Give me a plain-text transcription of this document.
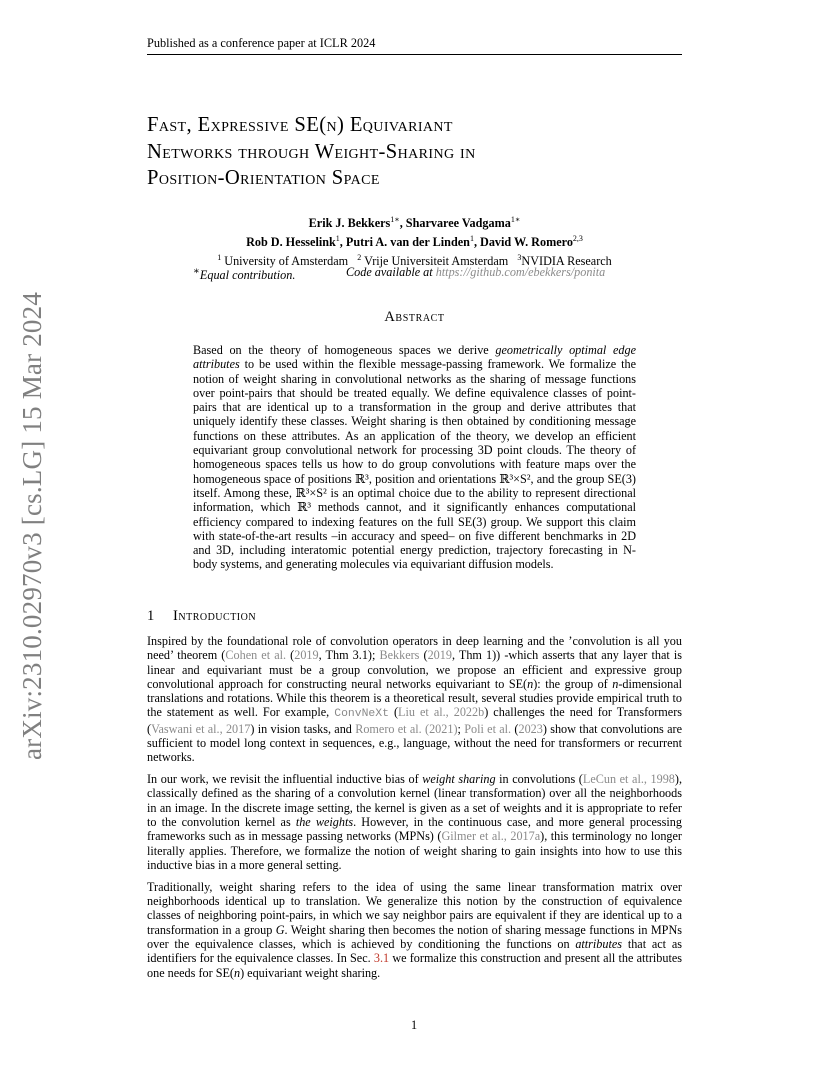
Published as a conference paper at ICLR 2024
arXiv:2310.02970v3 [cs.LG] 15 Mar 2024
Fast, Expressive SE(n) Equivariant
Networks through Weight-Sharing in
Position-Orientation Space
Erik J. Bekkers$^{1∗}$, Sharvaree Vadgama$^{1∗}$
Rob D. Hesselink$^1$, Putri A. van der Linden$^1$, David W. Romero$^{2,3}$
$^1$ University of Amsterdam $^2$ Vrije Universiteit Amsterdam $^3$NVIDIA Research
∗Equal contribution.	Code available at https://github.com/ebekkers/ponita
Abstract

Based on the theory of homogeneous spaces we derive geometrically optimal edge attributes to be used within the flexible message-passing framework. We formalize the notion of weight sharing in convolutional networks as the sharing of message functions over point-pairs that should be treated equally. We define equivalence classes of point-pairs that are identical up to a transformation in the group and derive attributes that uniquely identify these classes. Weight sharing is then obtained by conditioning message functions on these attributes. As an application of the theory, we develop an efficient equivariant group convolutional network for processing 3D point clouds. The theory of homogeneous spaces tells us how to do group convolutions with feature maps over the homogeneous space of positions ℝ³, position and orientations ℝ³×S², and the group SE(3) itself. Among these, ℝ³×S² is an optimal choice due to the ability to represent directional information, which ℝ³ methods cannot, and it significantly enhances computational efficiency compared to indexing features on the full SE(3) group. We support this claim with state-of-the-art results –in accuracy and speed– on five different benchmarks in 2D and 3D, including interatomic potential energy prediction, trajectory forecasting in N-body systems, and generating molecules via equivariant diffusion models.

1 Introduction

Inspired by the foundational role of convolution operators in deep learning and the ’convolution is all you need’ theorem (Cohen et al. (2019, Thm 3.1); Bekkers (2019, Thm 1)) -which asserts that any layer that is linear and equivariant must be a group convolution, we propose an efficient and expressive group convolutional approach for constructing neural networks equivariant to SE(n): the group of n-dimensional translations and rotations. While this theorem is a theoretical result, several studies provide empirical truth to the statement as well. For example, ConvNeXt (Liu et al., 2022b) challenges the need for Transformers (Vaswani et al., 2017) in vision tasks, and Romero et al. (2021); Poli et al. (2023) show that convolutions are sufficient to model long context in sequences, e.g., language, without the need for transformers or recurrent networks.

In our work, we revisit the influential inductive bias of weight sharing in convolutions (LeCun et al., 1998), classically defined as the sharing of a convolution kernel (linear transformation) over all the neighborhoods in an image. In the discrete image setting, the kernel is given as a set of weights and it is appropriate to refer to the convolution kernel as the weights. However, in the continuous case, and more general processing frameworks such as in message passing networks (MPNs) (Gilmer et al., 2017a), this terminology no longer literally applies. Therefore, we formalize the notion of weight sharing to gain insights into how to use this inductive bias in a more general setting.

Traditionally, weight sharing refers to the idea of using the same linear transformation matrix over neighborhoods identical up to translation. We generalize this notion by the construction of equivalence classes of neighboring point-pairs, in which we say neighbor pairs are equivalent if they are identical up to a transformation in a group G. Weight sharing then becomes the notion of sharing message functions in MPNs over the equivalence classes, which is achieved by conditioning the functions on attributes that act as identifiers for the equivalence classes. In Sec. 3.1 we formalize this construction and present all the attributes one needs for SE(n) equivariant weight sharing.

1
